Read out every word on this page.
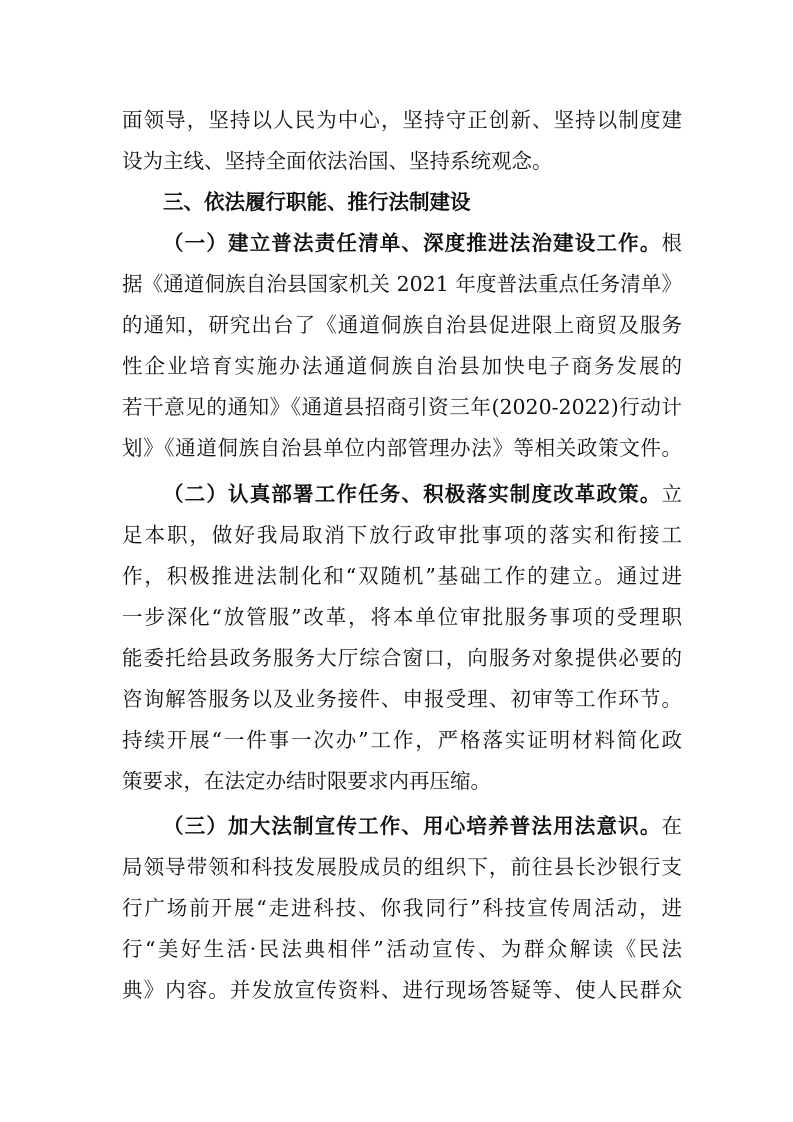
面领导，坚持以人民为中心，坚持守正创新、坚持以制度建
设为主线、坚持全面依法治国、坚持系统观念。
三、依法履行职能、推行法制建设
（一）建立普法责任清单、深度推进法治建设工作。根
据《通道侗族自治县国家机关 2021 年度普法重点任务清单》
的通知，研究出台了《通道侗族自治县促进限上商贸及服务
性企业培育实施办法通道侗族自治县加快电子商务发展的
若干意见的通知》《通道县招商引资三年(2020-2022)行动计
划》《通道侗族自治县单位内部管理办法》等相关政策文件。
（二）认真部署工作任务、积极落实制度改革政策。立
足本职，做好我局取消下放行政审批事项的落实和衔接工
作，积极推进法制化和“双随机”基础工作的建立。通过进
一步深化“放管服”改革，将本单位审批服务事项的受理职
能委托给县政务服务大厅综合窗口，向服务对象提供必要的
咨询解答服务以及业务接件、申报受理、初审等工作环节。
持续开展“一件事一次办”工作，严格落实证明材料简化政
策要求，在法定办结时限要求内再压缩。
（三）加大法制宣传工作、用心培养普法用法意识。在
局领导带领和科技发展股成员的组织下，前往县长沙银行支
行广场前开展“走进科技、你我同行”科技宣传周活动，进
行“美好生活·民法典相伴”活动宣传、为群众解读《民法
典》内容。并发放宣传资料、进行现场答疑等、使人民群众
